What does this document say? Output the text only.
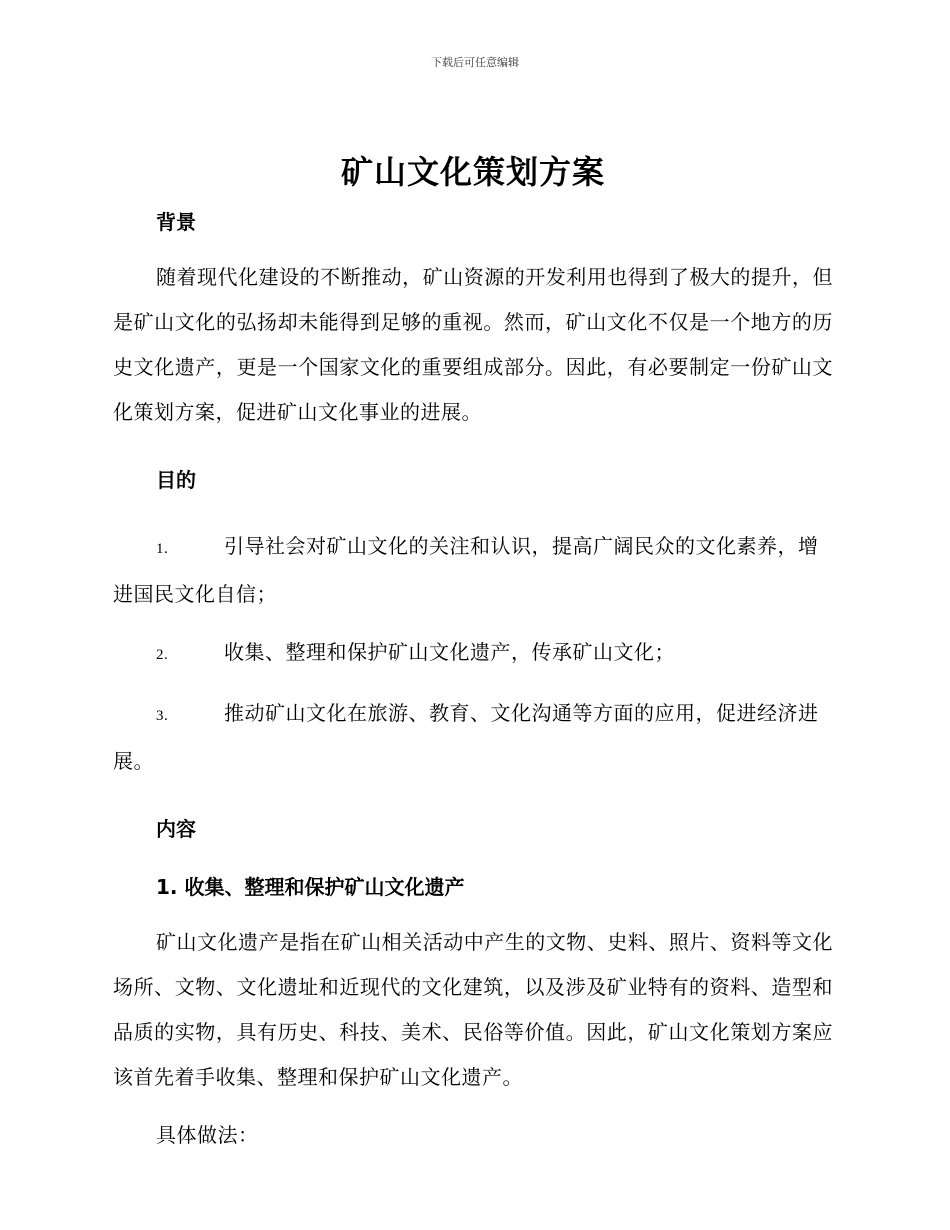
下载后可任意编辑
矿山文化策划方案
背景

随着现代化建设的不断推动，矿山资源的开发利用也得到了极大的提升，但是矿山文化的弘扬却未能得到足够的重视。然而，矿山文化不仅是一个地方的历史文化遗产，更是一个国家文化的重要组成部分。因此，有必要制定一份矿山文化策划方案，促进矿山文化事业的进展。

目的

1.	引导社会对矿山文化的关注和认识，提高广阔民众的文化素养，增进国民文化自信；

2.	收集、整理和保护矿山文化遗产，传承矿山文化；

3.	推动矿山文化在旅游、教育、文化沟通等方面的应用，促进经济进展。

内容
1. 收集、整理和保护矿山文化遗产

矿山文化遗产是指在矿山相关活动中产生的文物、史料、照片、资料等文化场所、文物、文化遗址和近现代的文化建筑，以及涉及矿业特有的资料、造型和品质的实物，具有历史、科技、美术、民俗等价值。因此，矿山文化策划方案应该首先着手收集、整理和保护矿山文化遗产。

具体做法：
